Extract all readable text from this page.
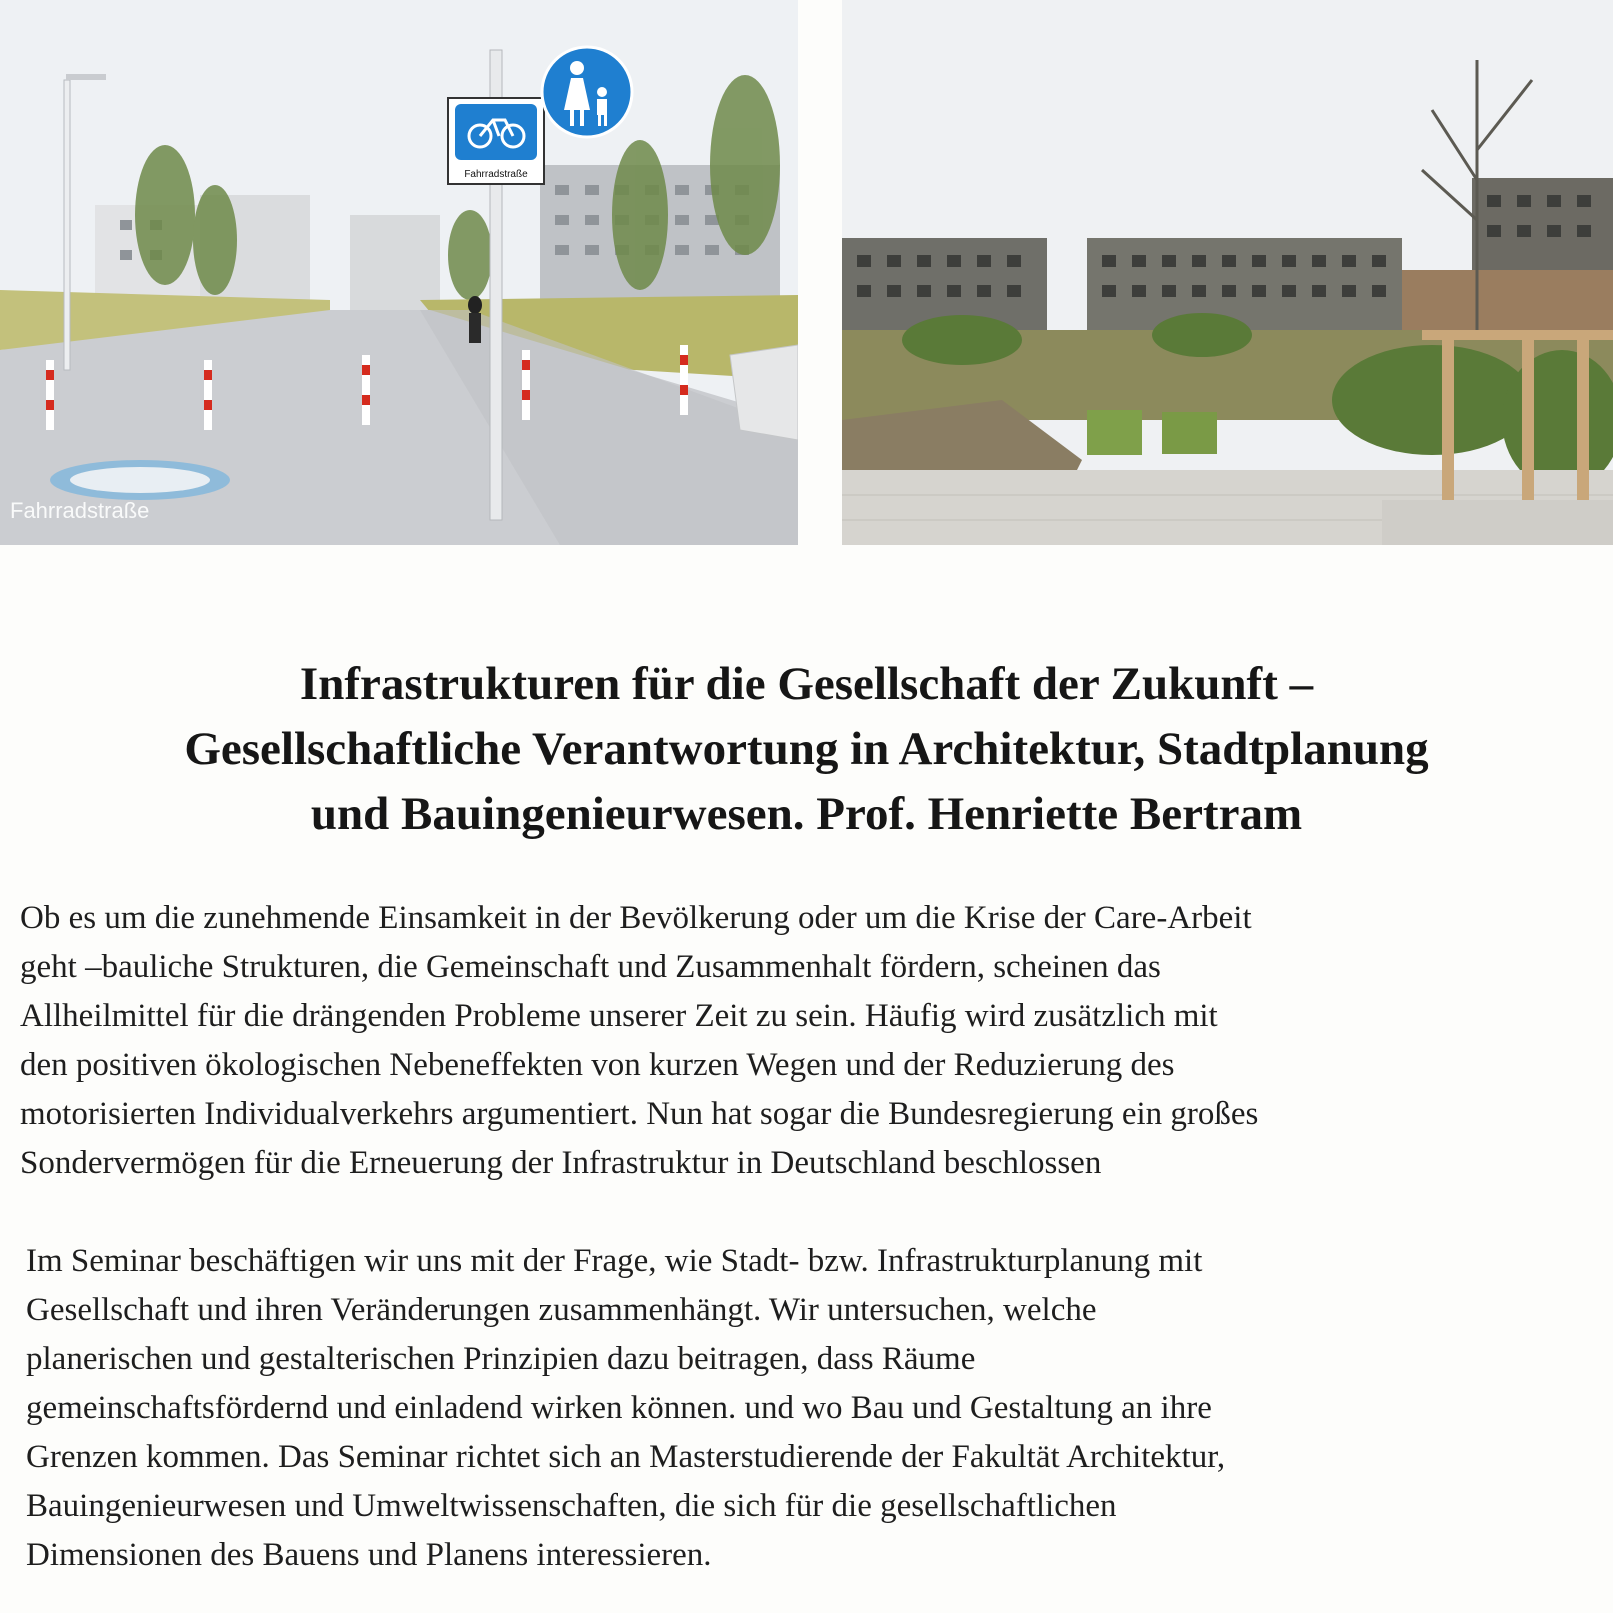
Fahrradstraße
Fahrradstraße
Infrastrukturen für die Gesellschaft der Zukunft –
Gesellschaftliche Verantwortung in Architektur, Stadtplanung
und Bauingenieurwesen. Prof. Henriette Bertram

Ob es um die zunehmende Einsamkeit in der Bevölkerung oder um die Krise der Care-Arbeit
geht –bauliche Strukturen, die Gemeinschaft und Zusammenhalt fördern, scheinen das
Allheilmittel für die drängenden Probleme unserer Zeit zu sein. Häufig wird zusätzlich mit
den positiven ökologischen Nebeneffekten von kurzen Wegen und der Reduzierung des
motorisierten Individualverkehrs argumentiert. Nun hat sogar die Bundesregierung ein großes
Sondervermögen für die Erneuerung der Infrastruktur in Deutschland beschlossen

Im Seminar beschäftigen wir uns mit der Frage, wie Stadt- bzw. Infrastrukturplanung mit
Gesellschaft und ihren Veränderungen zusammenhängt. Wir untersuchen, welche
planerischen und gestalterischen Prinzipien dazu beitragen, dass Räume
gemeinschaftsfördernd und einladend wirken können. und wo Bau und Gestaltung an ihre
Grenzen kommen. Das Seminar richtet sich an Masterstudierende der Fakultät Architektur,
Bauingenieurwesen und Umweltwissenschaften, die sich für die gesellschaftlichen
Dimensionen des Bauens und Planens interessieren.
